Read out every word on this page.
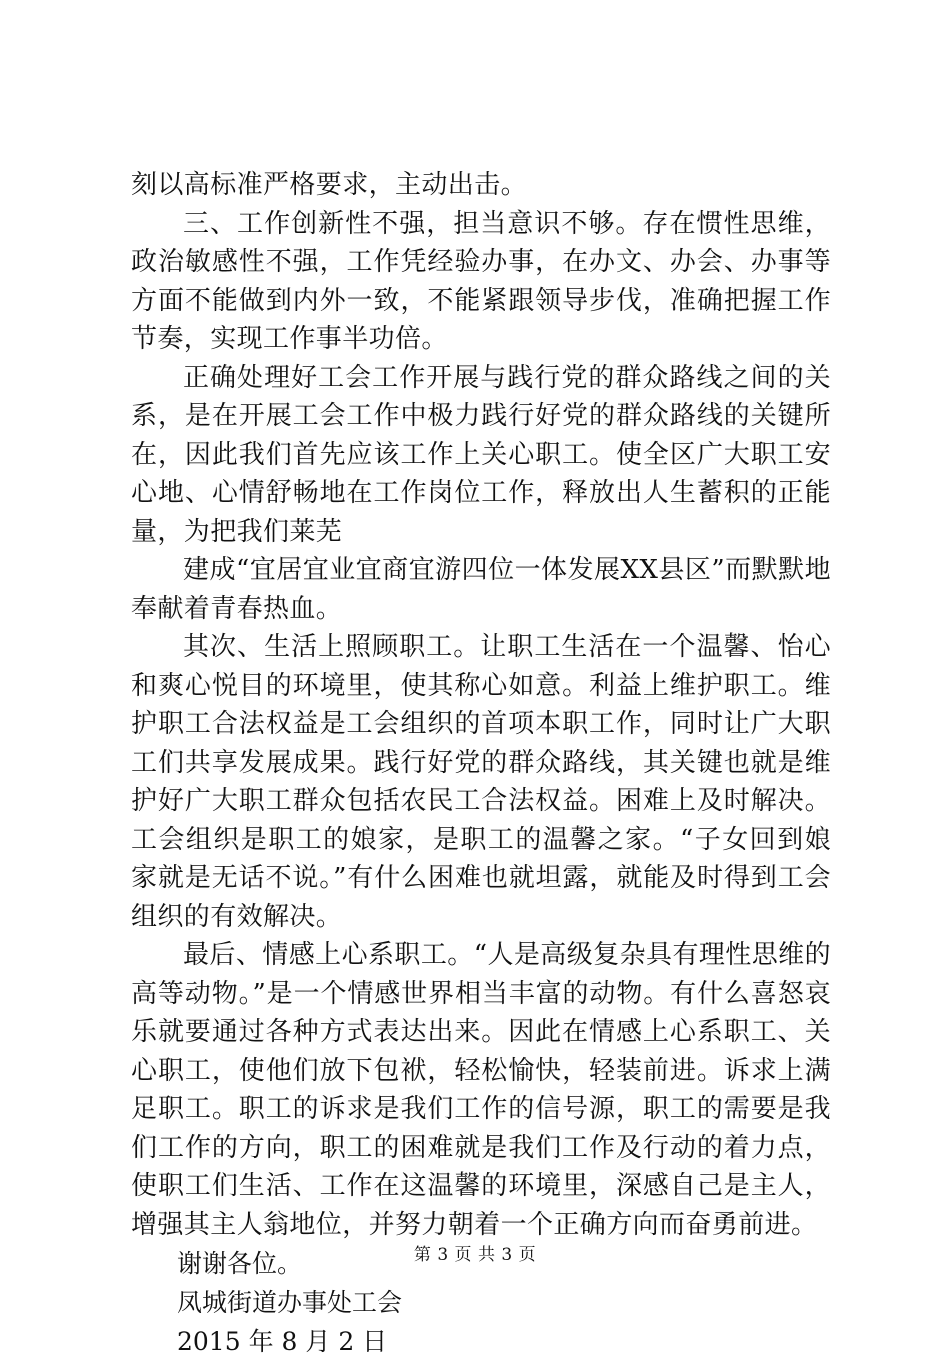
刻以高标准严格要求，主动出击。

三、工作创新性不强，担当意识不够。存在惯性思维，政治敏感性不强，工作凭经验办事，在办文、办会、办事等方面不能做到内外一致，不能紧跟领导步伐，准确把握工作节奏，实现工作事半功倍。

正确处理好工会工作开展与践行党的群众路线之间的关系，是在开展工会工作中极力践行好党的群众路线的关键所在，因此我们首先应该工作上关心职工。使全区广大职工安心地、心情舒畅地在工作岗位工作，释放出人生蓄积的正能量，为把我们莱芜

建成“宜居宜业宜商宜游四位一体发展XX县区”而默默地奉献着青春热血。

其次、生活上照顾职工。让职工生活在一个温馨、怡心和爽心悦目的环境里，使其称心如意。利益上维护职工。维护职工合法权益是工会组织的首项本职工作，同时让广大职工们共享发展成果。践行好党的群众路线，其关键也就是维护好广大职工群众包括农民工合法权益。困难上及时解决。工会组织是职工的娘家，是职工的温馨之家。“子女回到娘家就是无话不说。”有什么困难也就坦露，就能及时得到工会组织的有效解决。

最后、情感上心系职工。“人是高级复杂具有理性思维的高等动物。”是一个情感世界相当丰富的动物。有什么喜怒哀乐就要通过各种方式表达出来。因此在情感上心系职工、关心职工，使他们放下包袱，轻松愉快，轻装前进。诉求上满足职工。职工的诉求是我们工作的信号源，职工的需要是我们工作的方向，职工的困难就是我们工作及行动的着力点，使职工们生活、工作在这温馨的环境里，深感自己是主人，增强其主人翁地位，并努力朝着一个正确方向而奋勇前进。

谢谢各位。

凤城街道办事处工会

2015 年 8 月 2 日

第 3 页 共 3 页
